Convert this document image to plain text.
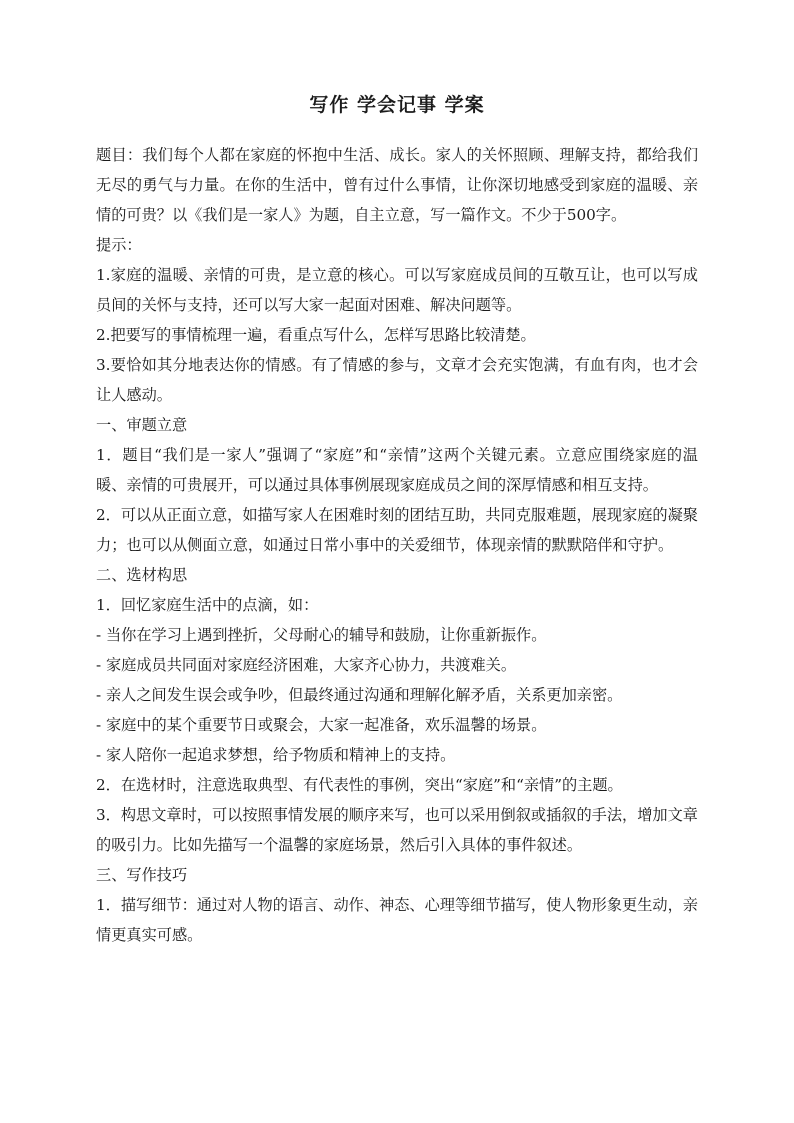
写作 学会记事 学案

题目：我们每个人都在家庭的怀抱中生活、成长。家人的关怀照顾、理解支持，都给我们无尽的勇气与力量。在你的生活中，曾有过什么事情，让你深切地感受到家庭的温暖、亲情的可贵？以《我们是一家人》为题，自主立意，写一篇作文。不少于500字。

提示：

1.家庭的温暖、亲情的可贵，是立意的核心。可以写家庭成员间的互敬互让，也可以写成员间的关怀与支持，还可以写大家一起面对困难、解决问题等。

2.把要写的事情梳理一遍，看重点写什么，怎样写思路比较清楚。

3.要恰如其分地表达你的情感。有了情感的参与，文章才会充实饱满，有血有肉，也才会让人感动。

一、审题立意

1．题目“我们是一家人”强调了“家庭”和“亲情”这两个关键元素。立意应围绕家庭的温暖、亲情的可贵展开，可以通过具体事例展现家庭成员之间的深厚情感和相互支持。

2．可以从正面立意，如描写家人在困难时刻的团结互助，共同克服难题，展现家庭的凝聚力；也可以从侧面立意，如通过日常小事中的关爱细节，体现亲情的默默陪伴和守护。

二、选材构思

1．回忆家庭生活中的点滴，如：

- 当你在学习上遇到挫折，父母耐心的辅导和鼓励，让你重新振作。

- 家庭成员共同面对家庭经济困难，大家齐心协力，共渡难关。

- 亲人之间发生误会或争吵，但最终通过沟通和理解化解矛盾，关系更加亲密。

- 家庭中的某个重要节日或聚会，大家一起准备，欢乐温馨的场景。

- 家人陪你一起追求梦想，给予物质和精神上的支持。

2．在选材时，注意选取典型、有代表性的事例，突出“家庭”和“亲情”的主题。

3．构思文章时，可以按照事情发展的顺序来写，也可以采用倒叙或插叙的手法，增加文章的吸引力。比如先描写一个温馨的家庭场景，然后引入具体的事件叙述。

三、写作技巧

1．描写细节：通过对人物的语言、动作、神态、心理等细节描写，使人物形象更生动，亲情更真实可感。
